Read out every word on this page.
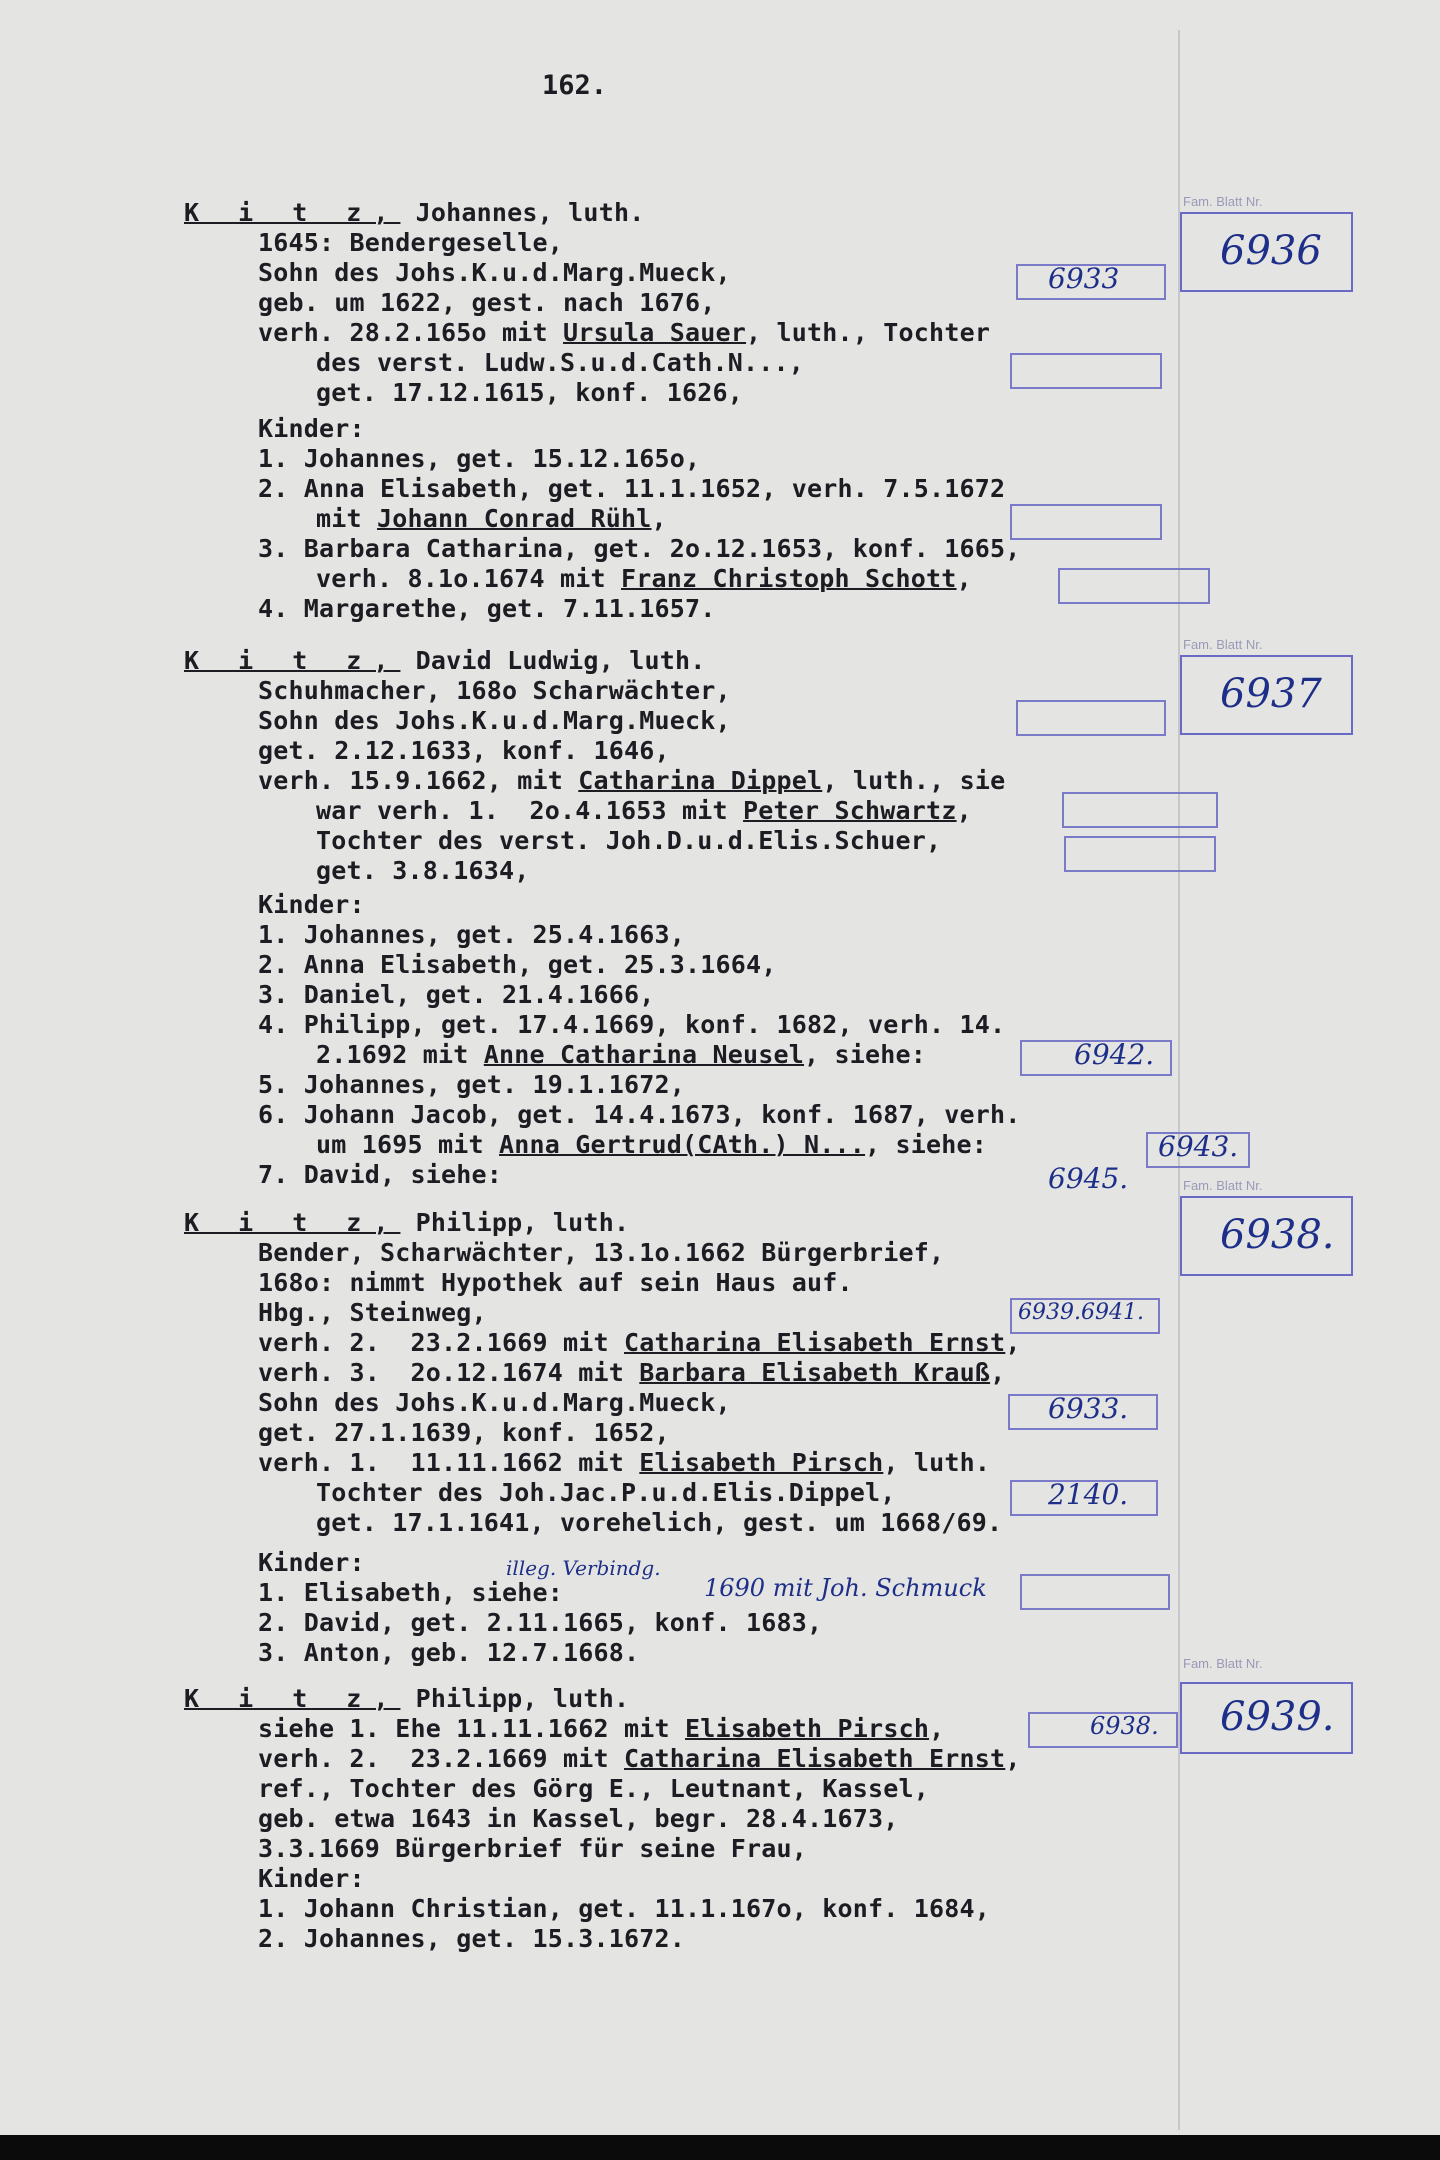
162.
Fam. Blatt Nr.
6936
K i t z, Johannes, luth.
1645: Bendergeselle,
Sohn des Johs.K.u.d.Marg.Mueck,	6933
geb. um 1622, gest. nach 1676,
verh. 28.2.165o mit Ursula Sauer, luth., Tochter
des verst. Ludw.S.u.d.Cath.N...,
get. 17.12.1615, konf. 1626,
Kinder:
1. Johannes, get. 15.12.165o,
2. Anna Elisabeth, get. 11.1.1652, verh. 7.5.1672
mit Johann Conrad Rühl,
3. Barbara Catharina, get. 2o.12.1653, konf. 1665,
verh. 8.1o.1674 mit Franz Christoph Schott,
4. Margarethe, get. 7.11.1657.
Fam. Blatt Nr.
6937
K i t z, David Ludwig, luth.
Schuhmacher, 168o Scharwächter,
Sohn des Johs.K.u.d.Marg.Mueck,
get. 2.12.1633, konf. 1646,
verh. 15.9.1662, mit Catharina Dippel, luth., sie
war verh. 1.  2o.4.1653 mit Peter Schwartz,
Tochter des verst. Joh.D.u.d.Elis.Schuer,
get. 3.8.1634,
Kinder:
1. Johannes, get. 25.4.1663,
2. Anna Elisabeth, get. 25.3.1664,
3. Daniel, get. 21.4.1666,
4. Philipp, get. 17.4.1669, konf. 1682, verh. 14.
2.1692 mit Anne Catharina Neusel, siehe:	6942.
5. Johannes, get. 19.1.1672,
6. Johann Jacob, get. 14.4.1673, konf. 1687, verh.
um 1695 mit Anna Gertrud(CAth.) N..., siehe:	6943.
7. David, siehe:	6945.	Fam. Blatt Nr.
6938.
K i t z, Philipp, luth.
Bender, Scharwächter, 13.1o.1662 Bürgerbrief,
168o: nimmt Hypothek auf sein Haus auf.
Hbg., Steinweg,	6939.6941.
verh. 2.  23.2.1669 mit Catharina Elisabeth Ernst,
verh. 3.  2o.12.1674 mit Barbara Elisabeth Krauß,
Sohn des Johs.K.u.d.Marg.Mueck,	6933.
get. 27.1.1639, konf. 1652,
verh. 1.  11.11.1662 mit Elisabeth Pirsch, luth.
Tochter des Joh.Jac.P.u.d.Elis.Dippel,	2140.
get. 17.1.1641, vorehelich, gest. um 1668/69.
Kinder:	illeg. Verbindg.
1. Elisabeth, siehe:	1690 mit Joh. Schmuck
2. David, get. 2.11.1665, konf. 1683,
3. Anton, geb. 12.7.1668.	Fam. Blatt Nr.
6939.
K i t z, Philipp, luth.
siehe 1. Ehe 11.11.1662 mit Elisabeth Pirsch,	6938.
verh. 2.  23.2.1669 mit Catharina Elisabeth Ernst,
ref., Tochter des Görg E., Leutnant, Kassel,
geb. etwa 1643 in Kassel, begr. 28.4.1673,
3.3.1669 Bürgerbrief für seine Frau,
Kinder:
1. Johann Christian, get. 11.1.167o, konf. 1684,
2. Johannes, get. 15.3.1672.
